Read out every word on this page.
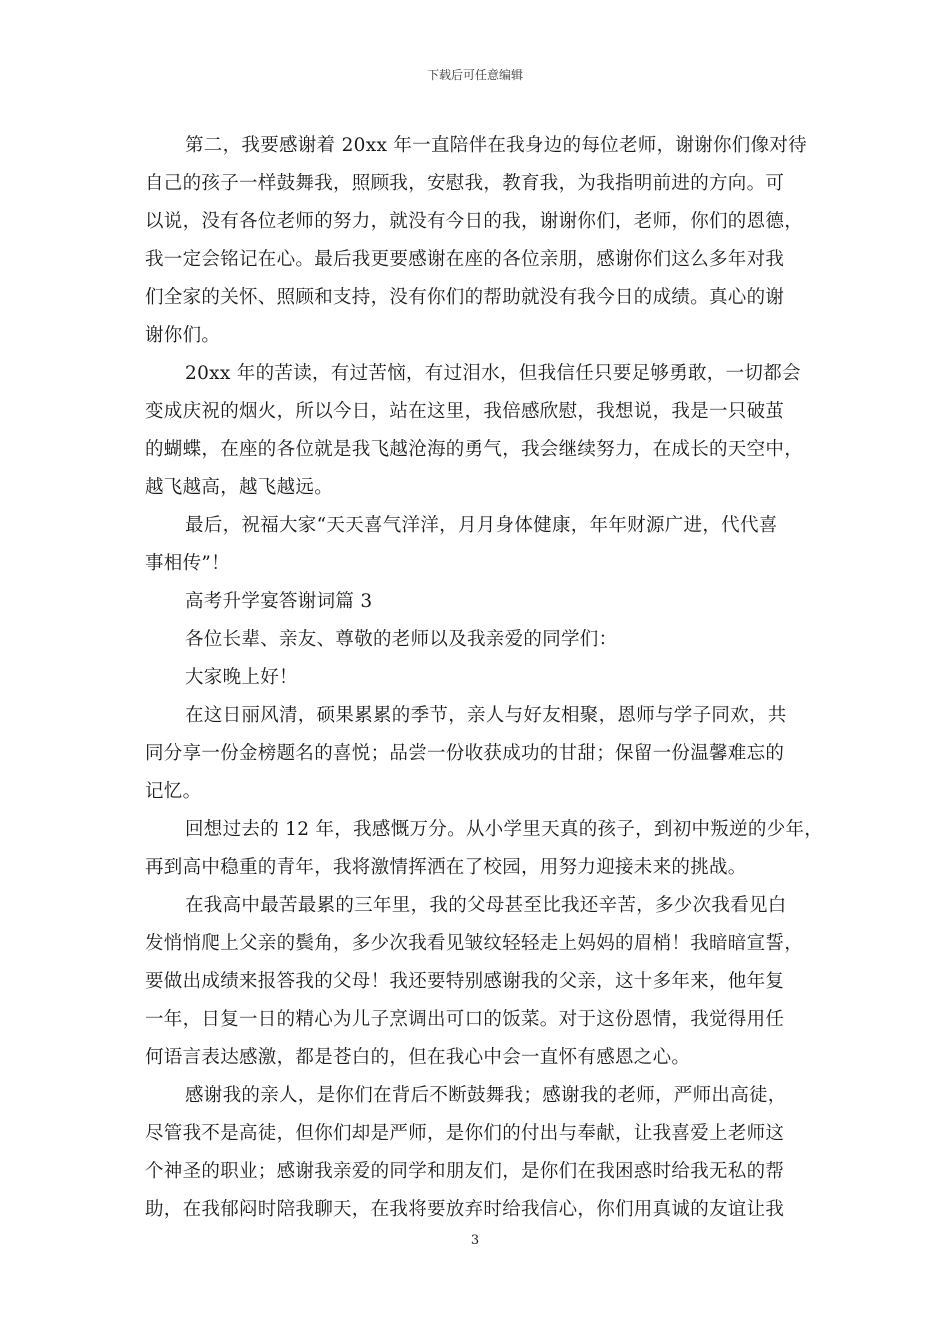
下载后可任意编辑
第二，我要感谢着 20xx 年一直陪伴在我身边的每位老师，谢谢你们像对待
自己的孩子一样鼓舞我，照顾我，安慰我，教育我，为我指明前进的方向。可
以说，没有各位老师的努力，就没有今日的我，谢谢你们，老师，你们的恩德，
我一定会铭记在心。最后我更要感谢在座的各位亲朋，感谢你们这么多年对我
们全家的关怀、照顾和支持，没有你们的帮助就没有我今日的成绩。真心的谢
谢你们。
20xx 年的苦读，有过苦恼，有过泪水，但我信任只要足够勇敢，一切都会
变成庆祝的烟火，所以今日，站在这里，我倍感欣慰，我想说，我是一只破茧
的蝴蝶，在座的各位就是我飞越沧海的勇气，我会继续努力，在成长的天空中，
越飞越高，越飞越远。
最后，祝福大家“天天喜气洋洋，月月身体健康，年年财源广进，代代喜
事相传”！
高考升学宴答谢词篇 3
各位长辈、亲友、尊敬的老师以及我亲爱的同学们：
大家晚上好！
在这日丽风清，硕果累累的季节，亲人与好友相聚，恩师与学子同欢，共
同分享一份金榜题名的喜悦；品尝一份收获成功的甘甜；保留一份温馨难忘的
记忆。
回想过去的 12 年，我感慨万分。从小学里天真的孩子，到初中叛逆的少年，
再到高中稳重的青年，我将激情挥洒在了校园，用努力迎接未来的挑战。
在我高中最苦最累的三年里，我的父母甚至比我还辛苦，多少次我看见白
发悄悄爬上父亲的鬓角，多少次我看见皱纹轻轻走上妈妈的眉梢！我暗暗宣誓，
要做出成绩来报答我的父母！我还要特别感谢我的父亲，这十多年来，他年复
一年，日复一日的精心为儿子烹调出可口的饭菜。对于这份恩情，我觉得用任
何语言表达感激，都是苍白的，但在我心中会一直怀有感恩之心。
感谢我的亲人，是你们在背后不断鼓舞我；感谢我的老师，严师出高徒，
尽管我不是高徒，但你们却是严师，是你们的付出与奉献，让我喜爱上老师这
个神圣的职业；感谢我亲爱的同学和朋友们，是你们在我困惑时给我无私的帮
助，在我郁闷时陪我聊天，在我将要放弃时给我信心，你们用真诚的友谊让我
3
